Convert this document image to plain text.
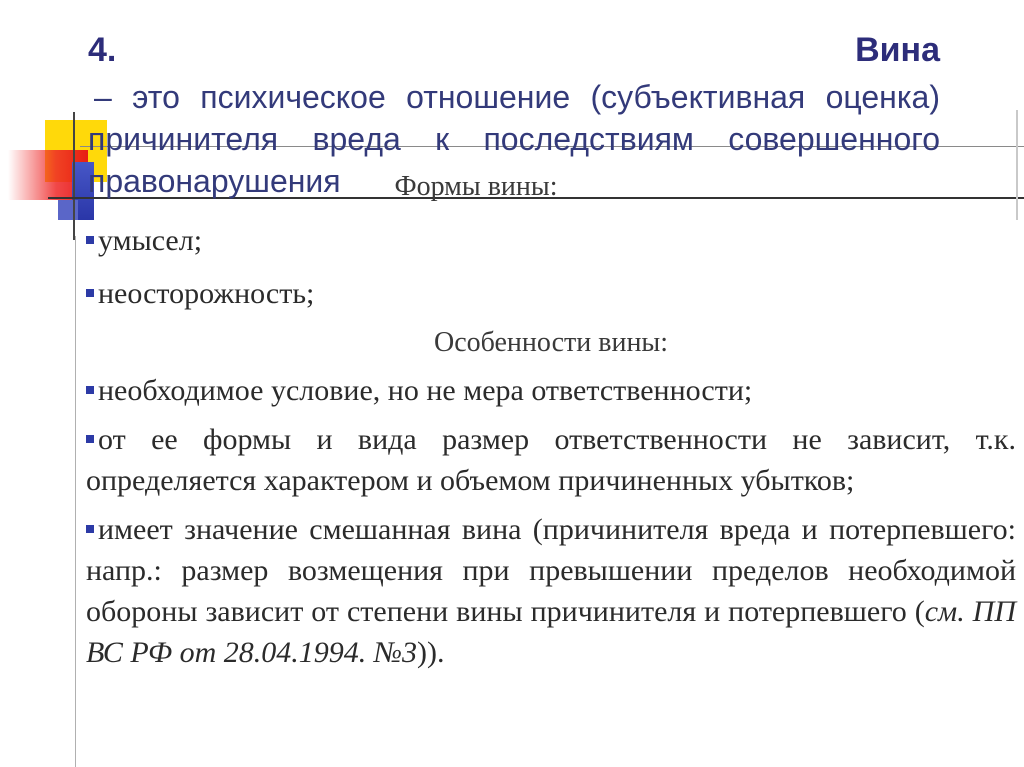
4.	Вина
– это психическое отношение (субъективная оценка) причинителя вреда к последствиям совершенного правонарушения	Формы вины:
умысел;
неосторожность;
Особенности вины:
необходимое условие, но не мера ответственности;
от ее формы и вида размер ответственности не зависит, т.к. определяется характером и объемом причиненных убытков;
имеет значение смешанная вина (причинителя вреда и потерпевшего: напр.: размер возмещения при превышении пределов необходимой обороны зависит от степени вины причинителя и потерпевшего (см. ПП ВС РФ от 28.04.1994. №3)).
